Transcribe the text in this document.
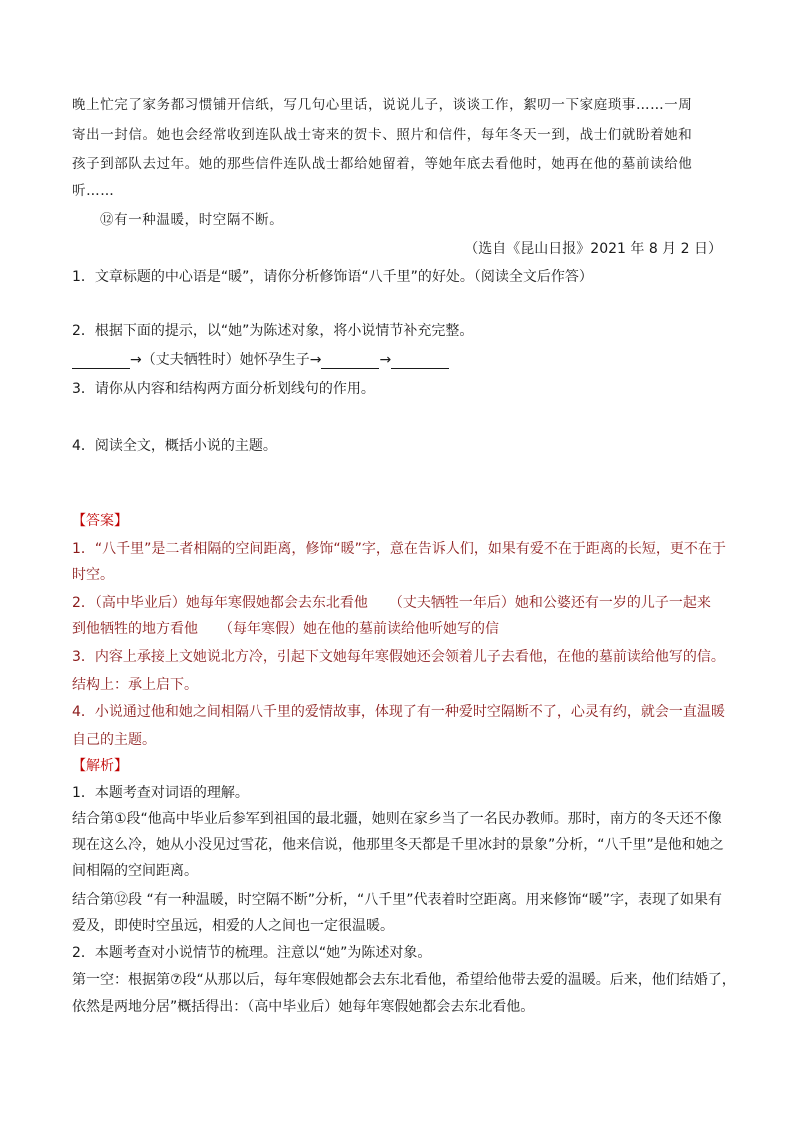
晚上忙完了家务都习惯铺开信纸，写几句心里话，说说儿子，谈谈工作，絮叨一下家庭琐事……一周
寄出一封信。她也会经常收到连队战士寄来的贺卡、照片和信件，每年冬天一到，战士们就盼着她和
孩子到部队去过年。她的那些信件连队战士都给她留着，等她年底去看他时，她再在他的墓前读给他
听……
⑫有一种温暖，时空隔不断。
（选自《昆山日报》2021 年 8 月 2 日）
1．文章标题的中心语是“暖”，请你分析修饰语“八千里”的好处。（阅读全文后作答）
2．根据下面的提示，以“她”为陈述对象，将小说情节补充完整。
→（丈夫牺牲时）她怀孕生子→	→
3．请你从内容和结构两方面分析划线句的作用。
4．阅读全文，概括小说的主题。
【答案】
1．“八千里”是二者相隔的空间距离，修饰“暖”字，意在告诉人们，如果有爱不在于距离的长短，更不在于
时空。
2．（高中毕业后）她每年寒假她都会去东北看他　　（丈夫牺牲一年后）她和公婆还有一岁的儿子一起来
到他牺牲的地方看他　　（每年寒假）她在他的墓前读给他听她写的信
3．内容上承接上文她说北方冷，引起下文她每年寒假她还会领着儿子去看他，在他的墓前读给他写的信。
结构上：承上启下。
4．小说通过他和她之间相隔八千里的爱情故事，体现了有一种爱时空隔断不了，心灵有约，就会一直温暖
自己的主题。
【解析】
1．本题考查对词语的理解。
结合第①段“他高中毕业后参军到祖国的最北疆，她则在家乡当了一名民办教师。那时，南方的冬天还不像
现在这么冷，她从小没见过雪花，他来信说，他那里冬天都是千里冰封的景象”分析，“八千里”是他和她之
间相隔的空间距离。
结合第⑫段 “有一种温暖，时空隔不断”分析，“八千里”代表着时空距离。用来修饰“暖”字，表现了如果有
爱及，即使时空虽远，相爱的人之间也一定很温暖。
2．本题考查对小说情节的梳理。注意以“她”为陈述对象。
第一空：根据第⑦段“从那以后，每年寒假她都会去东北看他，希望给他带去爱的温暖。后来，他们结婚了，
依然是两地分居”概括得出：（高中毕业后）她每年寒假她都会去东北看他。
